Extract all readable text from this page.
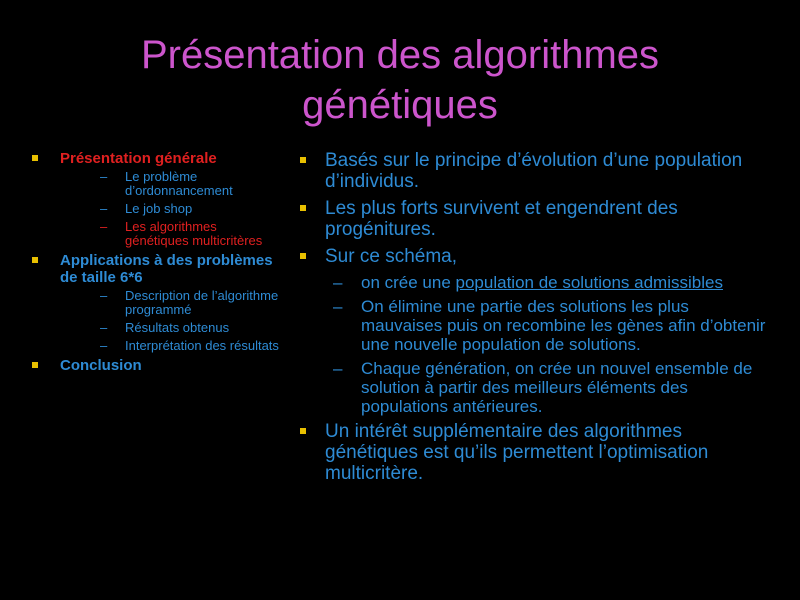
Présentation des algorithmes
génétiques
Présentation générale
– Le problème d’ordonnancement
– Le job shop
– Les algorithmes génétiques multicritères
Applications à des problèmes de taille 6*6
– Description de l’algorithme programmé
– Résultats obtenus
– Interprétation des résultats
Conclusion
Basés sur le principe d’évolution d’une population d’individus.
Les plus forts survivent et engendrent des progénitures.
Sur ce schéma,
– on crée une population de solutions admissibles
– On élimine une partie des solutions les plus mauvaises puis on recombine les gènes afin d’obtenir une nouvelle population de solutions.
– Chaque génération, on crée un nouvel ensemble de solution à partir des meilleurs éléments des populations antérieures.
Un intérêt supplémentaire des algorithmes génétiques est qu’ils permettent l’optimisation multicritère.
